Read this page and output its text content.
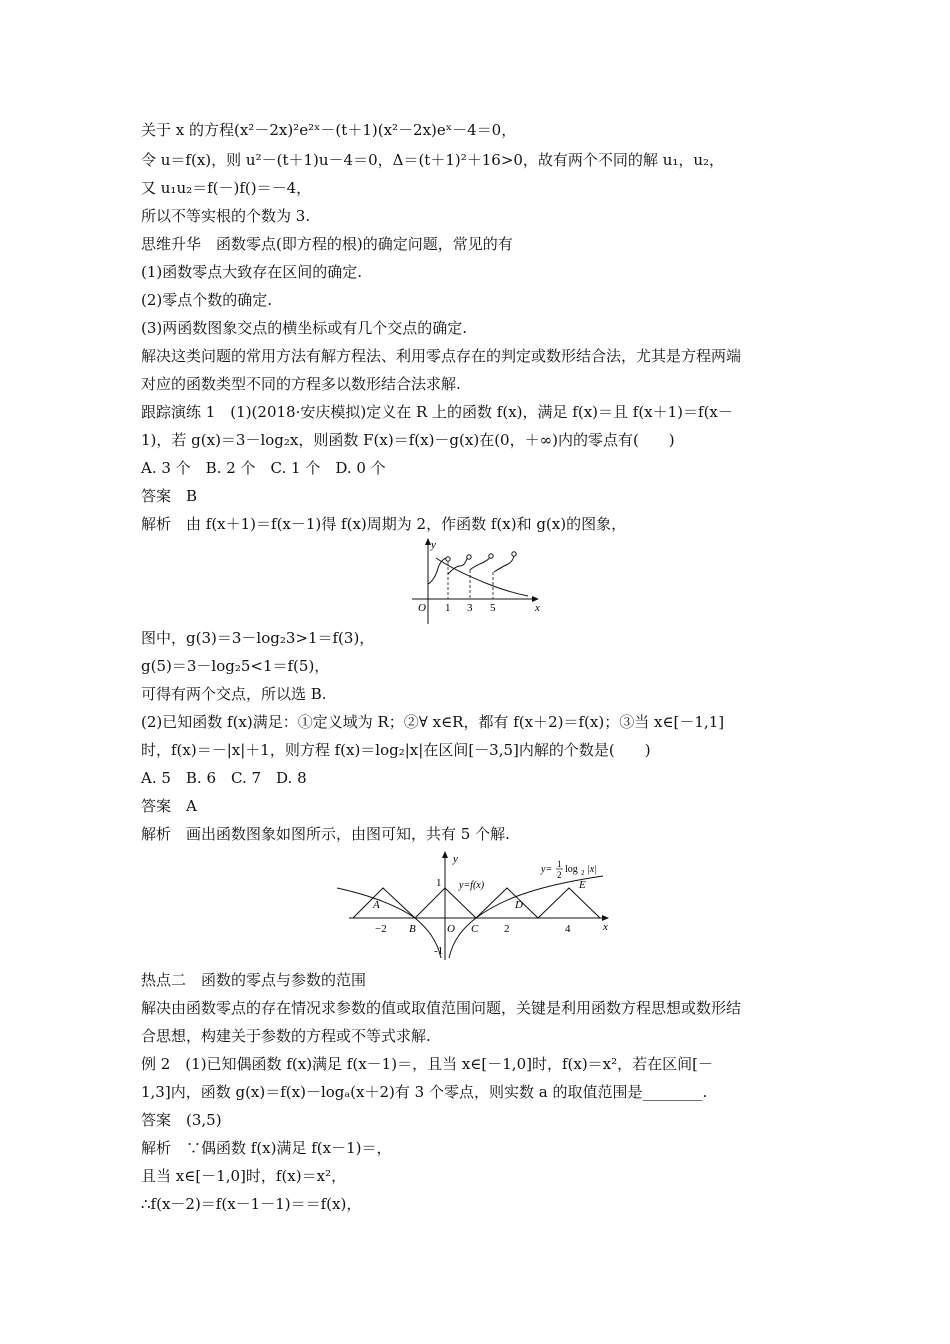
关于 x 的方程(x²－2x)²e²ˣ－(t＋1)(x²－2x)eˣ－4＝0，
令 u＝f(x)，则 u²－(t＋1)u－4＝0，Δ＝(t＋1)²＋16>0，故有两个不同的解 u₁，u₂，
又 u₁u₂＝f(－)f()＝－4，
所以不等实根的个数为 3.
思维升华　函数零点(即方程的根)的确定问题，常见的有
(1)函数零点大致存在区间的确定.
(2)零点个数的确定.
(3)两函数图象交点的横坐标或有几个交点的确定.
解决这类问题的常用方法有解方程法、利用零点存在的判定或数形结合法，尤其是方程两端
对应的函数类型不同的方程多以数形结合法求解.
跟踪演练 1　(1)(2018·安庆模拟)定义在 R 上的函数 f(x)，满足 f(x)＝且 f(x＋1)＝f(x－
1)，若 g(x)＝3－log₂x，则函数 F(x)＝f(x)－g(x)在(0，＋∞)内的零点有(　　)
A. 3 个　B. 2 个　C. 1 个　D. 0 个
答案　B
解析　由 f(x＋1)＝f(x－1)得 f(x)周期为 2，作函数 f(x)和 g(x)的图象，
y
x
O 1 3 5
图中，g(3)＝3－log₂3>1＝f(3)，
g(5)＝3－log₂5<1＝f(5)，
可得有两个交点，所以选 B.
(2)已知函数 f(x)满足：①定义域为 R；②∀ x∈R，都有 f(x＋2)＝f(x)；③当 x∈[－1,1]
时，f(x)＝－|x|＋1，则方程 f(x)＝log₂|x|在区间[－3,5]内解的个数是(　　)
A. 5　B. 6　C. 7　D. 8
答案　A
解析　画出函数图象如图所示，由图可知，共有 5 个解.
y
x
O
1
-1
−2	2	4
A
B	C
D
E
y=f(x)
y= 1
2 log 2 |x|
热点二　函数的零点与参数的范围
解决由函数零点的存在情况求参数的值或取值范围问题，关键是利用函数方程思想或数形结
合思想，构建关于参数的方程或不等式求解.
例 2　(1)已知偶函数 f(x)满足 f(x－1)＝，且当 x∈[－1,0]时，f(x)＝x²，若在区间[－
1,3]内，函数 g(x)＝f(x)－logₐ(x＋2)有 3 个零点，则实数 a 的取值范围是________.
答案　(3,5)
解析　∵偶函数 f(x)满足 f(x－1)＝，
且当 x∈[－1,0]时，f(x)＝x²，
∴f(x－2)＝f(x－1－1)＝＝f(x)，
